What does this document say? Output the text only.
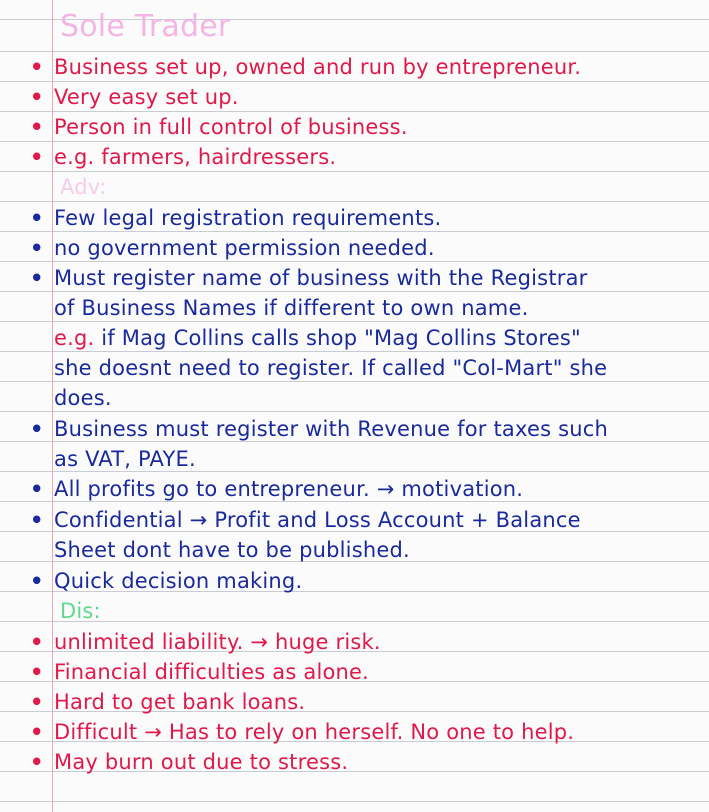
Sole Trader
• Business set up, owned and run by entrepreneur.
• Very easy set up.
• Person in full control of business.
• e.g. farmers, hairdressers.
Adv:
• Few legal registration requirements.
• no government permission needed.
• Must register name of business with the Registrar
of Business Names if different to own name.
e.g. if Mag Collins calls shop "Mag Collins Stores"
she doesnt need to register. If called "Col-Mart" she
does.
• Business must register with Revenue for taxes such
as VAT, PAYE.
• All profits go to entrepreneur. → motivation.
• Confidential → Profit and Loss Account + Balance
Sheet dont have to be published.
• Quick decision making.
Dis:
• unlimited liability. → huge risk.
• Financial difficulties as alone.
• Hard to get bank loans.
• Difficult → Has to rely on herself. No one to help.
• May burn out due to stress.
